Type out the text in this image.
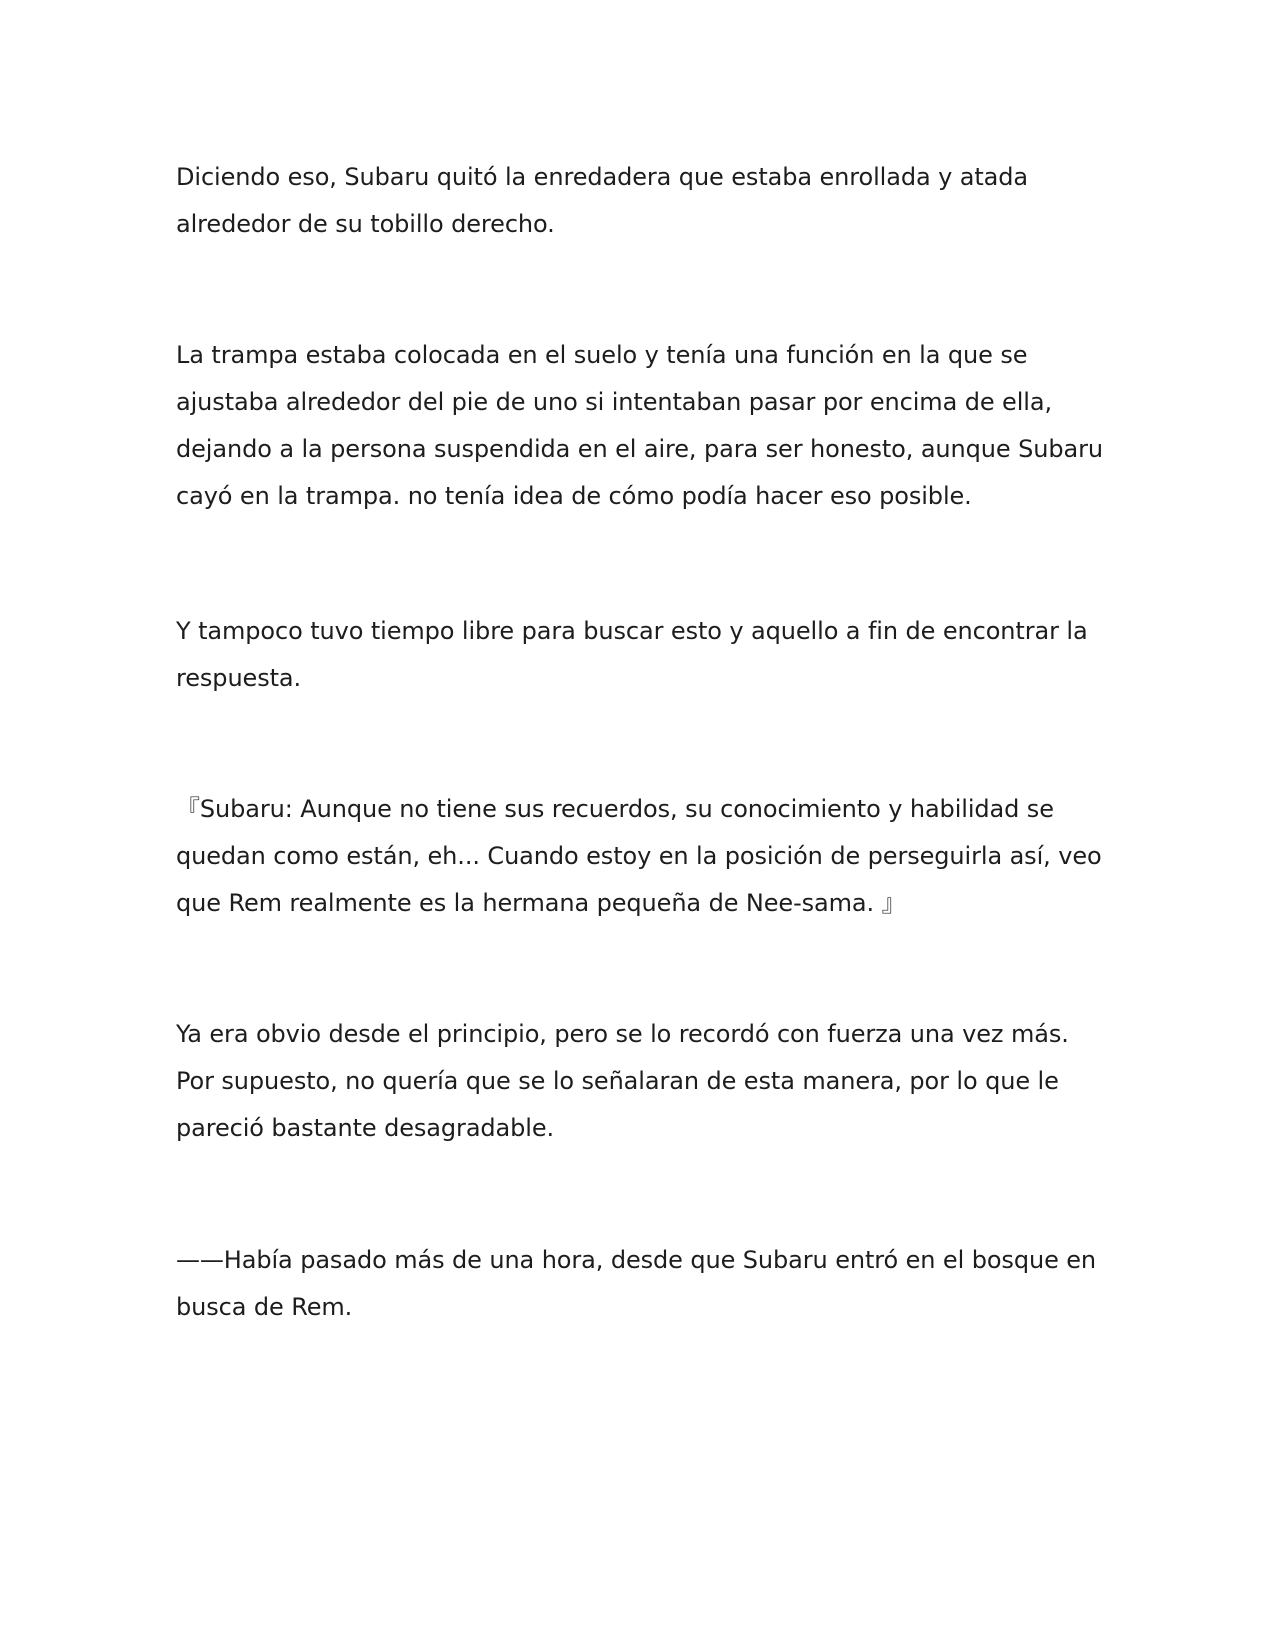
Diciendo eso, Subaru quitó la enredadera que estaba enrollada y atada
alrededor de su tobillo derecho.
La trampa estaba colocada en el suelo y tenía una función en la que se
ajustaba alrededor del pie de uno si intentaban pasar por encima de ella,
dejando a la persona suspendida en el aire, para ser honesto, aunque Subaru
cayó en la trampa. no tenía idea de cómo podía hacer eso posible.
Y tampoco tuvo tiempo libre para buscar esto y aquello a fin de encontrar la
respuesta.
『Subaru: Aunque no tiene sus recuerdos, su conocimiento y habilidad se
quedan como están, eh... Cuando estoy en la posición de perseguirla así, veo
que Rem realmente es la hermana pequeña de Nee-sama. 』
Ya era obvio desde el principio, pero se lo recordó con fuerza una vez más.
Por supuesto, no quería que se lo señalaran de esta manera, por lo que le
pareció bastante desagradable.
——Había pasado más de una hora, desde que Subaru entró en el bosque en
busca de Rem.
